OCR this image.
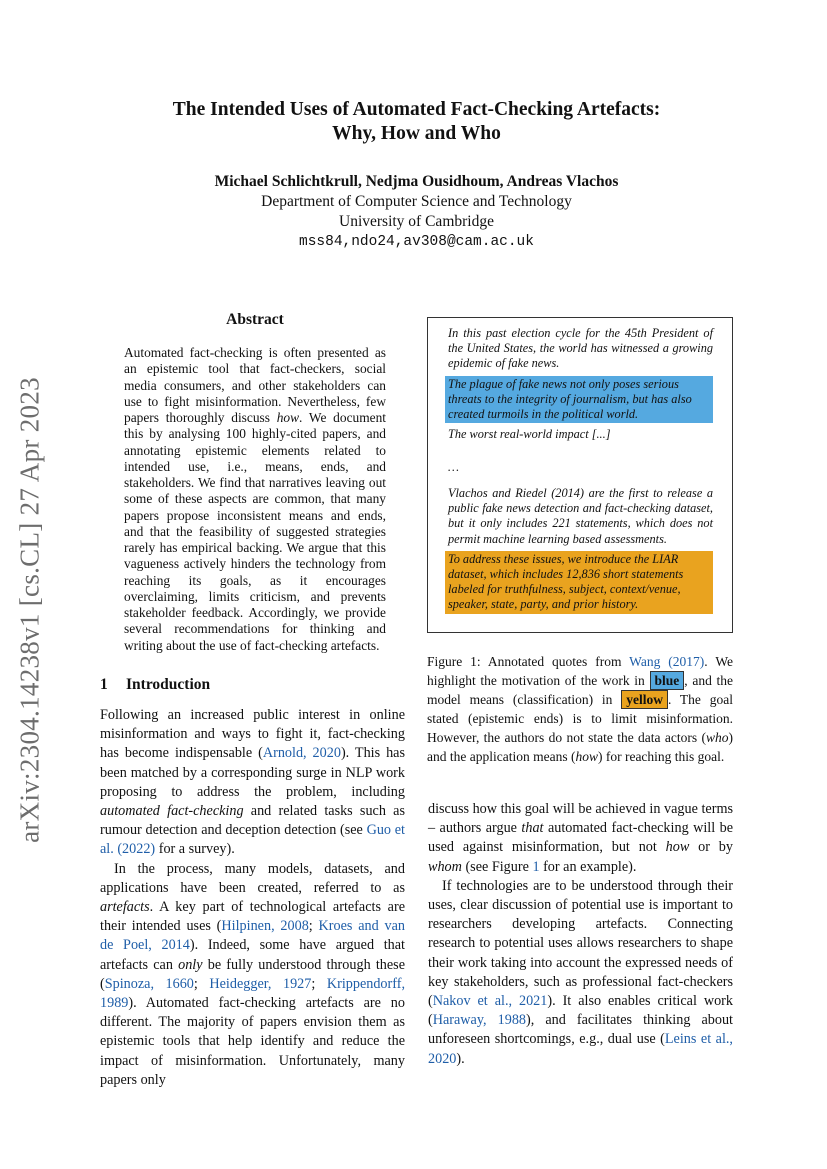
arXiv:2304.14238v1 [cs.CL] 27 Apr 2023
The Intended Uses of Automated Fact-Checking Artefacts:
Why, How and Who
Michael Schlichtkrull, Nedjma Ousidhoum, Andreas Vlachos
Department of Computer Science and Technology
University of Cambridge
mss84,ndo24,av308@cam.ac.uk
Abstract
Automated fact-checking is often presented as an epistemic tool that fact-checkers, social media consumers, and other stakeholders can use to fight misinformation. Nevertheless, few papers thoroughly discuss how. We document this by analysing 100 highly-cited papers, and annotating epistemic elements related to intended use, i.e., means, ends, and stakeholders. We find that narratives leaving out some of these aspects are common, that many papers propose inconsistent means and ends, and that the feasibility of suggested strategies rarely has empirical backing. We argue that this vagueness actively hinders the technology from reaching its goals, as it encourages overclaiming, limits criticism, and prevents stakeholder feedback. Accordingly, we provide several recommendations for thinking and writing about the use of fact-checking artefacts.
1 Introduction
In this past election cycle for the 45th President of the United States, the world has witnessed a growing epidemic of fake news.
The plague of fake news not only poses serious threats to the integrity of journalism, but has also created turmoils in the political world.
The worst real-world impact [...]
…
Vlachos and Riedel (2014) are the first to release a public fake news detection and fact-checking dataset, but it only includes 221 statements, which does not permit machine learning based assessments.
To address these issues, we introduce the LIAR dataset, which includes 12,836 short statements labeled for truthfulness, subject, context/venue, speaker, state, party, and prior history.
Figure 1: Annotated quotes from Wang (2017). We highlight the motivation of the work in blue , and the model means (classification) in yellow . The goal stated (epistemic ends) is to limit misinformation. However, the authors do not state the data actors (who) and the application means (how) for reaching this goal.

Following an increased public interest in online misinformation and ways to fight it, fact-checking has become indispensable (Arnold, 2020). This has been matched by a corresponding surge in NLP work proposing to address the problem, including automated fact-checking and related tasks such as rumour detection and deception detection (see Guo et al. (2022) for a survey).

In the process, many models, datasets, and applications have been created, referred to as artefacts. A key part of technological artefacts are their intended uses (Hilpinen, 2008; Kroes and van de Poel, 2014). Indeed, some have argued that artefacts can only be fully understood through these (Spinoza, 1660; Heidegger, 1927; Krippendorff, 1989). Automated fact-checking artefacts are no different. The majority of papers envision them as epistemic tools that help identify and reduce the impact of misinformation. Unfortunately, many papers only

discuss how this goal will be achieved in vague terms – authors argue that automated fact-checking will be used against misinformation, but not how or by whom (see Figure 1 for an example).

If technologies are to be understood through their uses, clear discussion of potential use is important to researchers developing artefacts. Connecting research to potential uses allows researchers to shape their work taking into account the expressed needs of key stakeholders, such as professional fact-checkers (Nakov et al., 2021). It also enables critical work (Haraway, 1988), and facilitates thinking about unforeseen shortcomings, e.g., dual use (Leins et al., 2020).
